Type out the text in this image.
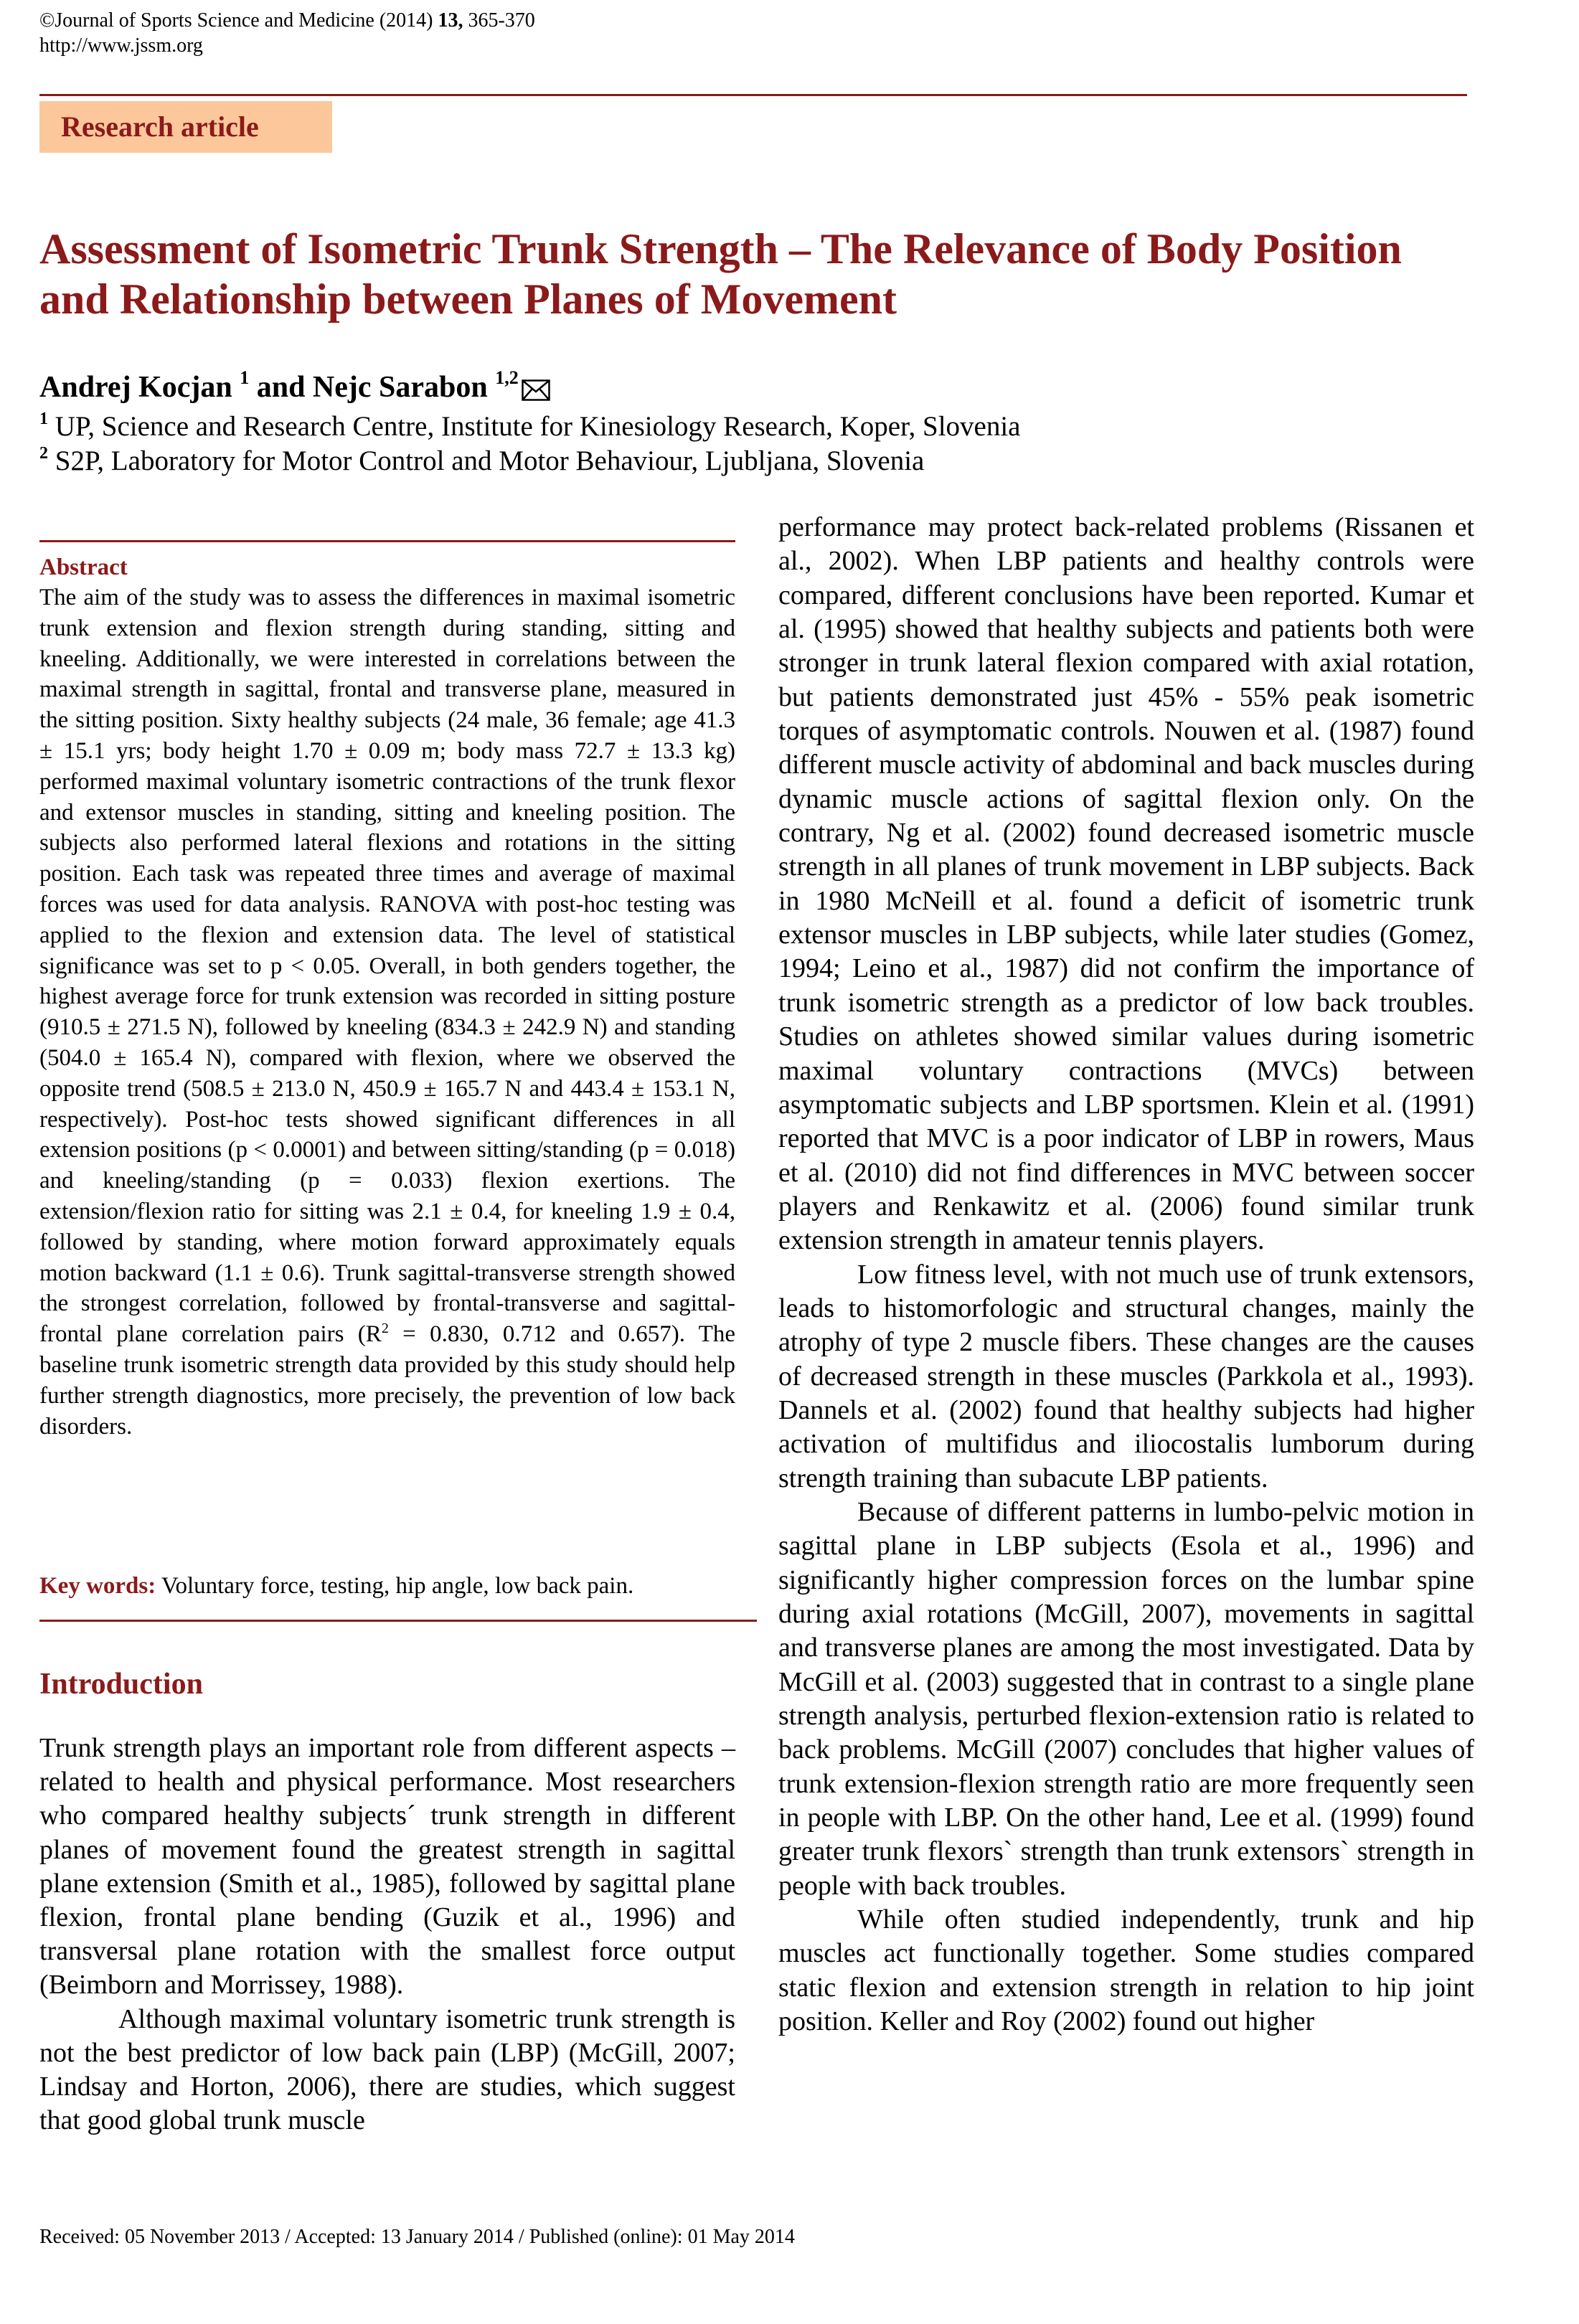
©Journal of Sports Science and Medicine (2014) 13, 365-370
http://www.jssm.org
Research article
Assessment of Isometric Trunk Strength – The Relevance of Body Position and Relationship between Planes of Movement
Andrej Kocjan $^1$ and Nejc Sarabon $^{1,2}$
$^1$ UP, Science and Research Centre, Institute for Kinesiology Research, Koper, Slovenia
$^2$ S2P, Laboratory for Motor Control and Motor Behaviour, Ljubljana, Slovenia
Abstract

The aim of the study was to assess the differences in maximal isometric trunk extension and flexion strength during standing, sitting and kneeling. Additionally, we were interested in correlations between the maximal strength in sagittal, frontal and transverse plane, measured in the sitting position. Sixty healthy subjects (24 male, 36 female; age 41.3 ± 15.1 yrs; body height 1.70 ± 0.09 m; body mass 72.7 ± 13.3 kg) performed maximal voluntary isometric contractions of the trunk flexor and extensor muscles in standing, sitting and kneeling position. The subjects also performed lateral flexions and rotations in the sitting position. Each task was repeated three times and average of maximal forces was used for data analysis. RANOVA with post-hoc testing was applied to the flexion and extension data. The level of statistical significance was set to p < 0.05. Overall, in both genders together, the highest average force for trunk extension was recorded in sitting posture (910.5 ± 271.5 N), followed by kneeling (834.3 ± 242.9 N) and standing (504.0 ± 165.4 N), compared with flexion, where we observed the opposite trend (508.5 ± 213.0 N, 450.9 ± 165.7 N and 443.4 ± 153.1 N, respectively). Post-hoc tests showed significant differences in all extension positions (p < 0.0001) and between sitting/standing (p = 0.018) and kneeling/standing (p = 0.033) flexion exertions. The extension/flexion ratio for sitting was 2.1 ± 0.4, for kneeling 1.9 ± 0.4, followed by standing, where motion forward approximately equals motion backward (1.1 ± 0.6). Trunk sagittal-transverse strength showed the strongest correlation, followed by frontal-transverse and sagittal-frontal plane correlation pairs ($R^2 = 0.830$, 0.712 and 0.657). The baseline trunk isometric strength data provided by this study should help further strength diagnostics, more precisely, the prevention of low back disorders.

Key words: Voluntary force, testing, hip angle, low back pain.
Introduction

Trunk strength plays an important role from different aspects – related to health and physical performance. Most researchers who compared healthy subjects´ trunk strength in different planes of movement found the greatest strength in sagittal plane extension (Smith et al., 1985), followed by sagittal plane flexion, frontal plane bending (Guzik et al., 1996) and transversal plane rotation with the smallest force output (Beimborn and Morrissey, 1988).

Although maximal voluntary isometric trunk strength is not the best predictor of low back pain (LBP) (McGill, 2007; Lindsay and Horton, 2006), there are studies, which suggest that good global trunk muscle

performance may protect back-related problems (Rissanen et al., 2002). When LBP patients and healthy controls were compared, different conclusions have been reported. Kumar et al. (1995) showed that healthy subjects and patients both were stronger in trunk lateral flexion compared with axial rotation, but patients demonstrated just 45% - 55% peak isometric torques of asymptomatic controls. Nouwen et al. (1987) found different muscle activity of abdominal and back muscles during dynamic muscle actions of sagittal flexion only. On the contrary, Ng et al. (2002) found decreased isometric muscle strength in all planes of trunk movement in LBP subjects. Back in 1980 McNeill et al. found a deficit of isometric trunk extensor muscles in LBP subjects, while later studies (Gomez, 1994; Leino et al., 1987) did not confirm the importance of trunk isometric strength as a predictor of low back troubles. Studies on athletes showed similar values during isometric maximal voluntary contractions (MVCs) between asymptomatic subjects and LBP sportsmen. Klein et al. (1991) reported that MVC is a poor indicator of LBP in rowers, Maus et al. (2010) did not find differences in MVC between soccer players and Renkawitz et al. (2006) found similar trunk extension strength in amateur tennis players.

Low fitness level, with not much use of trunk extensors, leads to histomorfologic and structural changes, mainly the atrophy of type 2 muscle fibers. These changes are the causes of decreased strength in these muscles (Parkkola et al., 1993). Dannels et al. (2002) found that healthy subjects had higher activation of multifidus and iliocostalis lumborum during strength training than subacute LBP patients.

Because of different patterns in lumbo-pelvic motion in sagittal plane in LBP subjects (Esola et al., 1996) and significantly higher compression forces on the lumbar spine during axial rotations (McGill, 2007), movements in sagittal and transverse planes are among the most investigated. Data by McGill et al. (2003) suggested that in contrast to a single plane strength analysis, perturbed flexion-extension ratio is related to back problems. McGill (2007) concludes that higher values of trunk extension-flexion strength ratio are more frequently seen in people with LBP. On the other hand, Lee et al. (1999) found greater trunk flexors` strength than trunk extensors` strength in people with back troubles.

While often studied independently, trunk and hip muscles act functionally together. Some studies compared static flexion and extension strength in relation to hip joint position. Keller and Roy (2002) found out higher

Received: 05 November 2013 / Accepted: 13 January 2014 / Published (online): 01 May 2014
